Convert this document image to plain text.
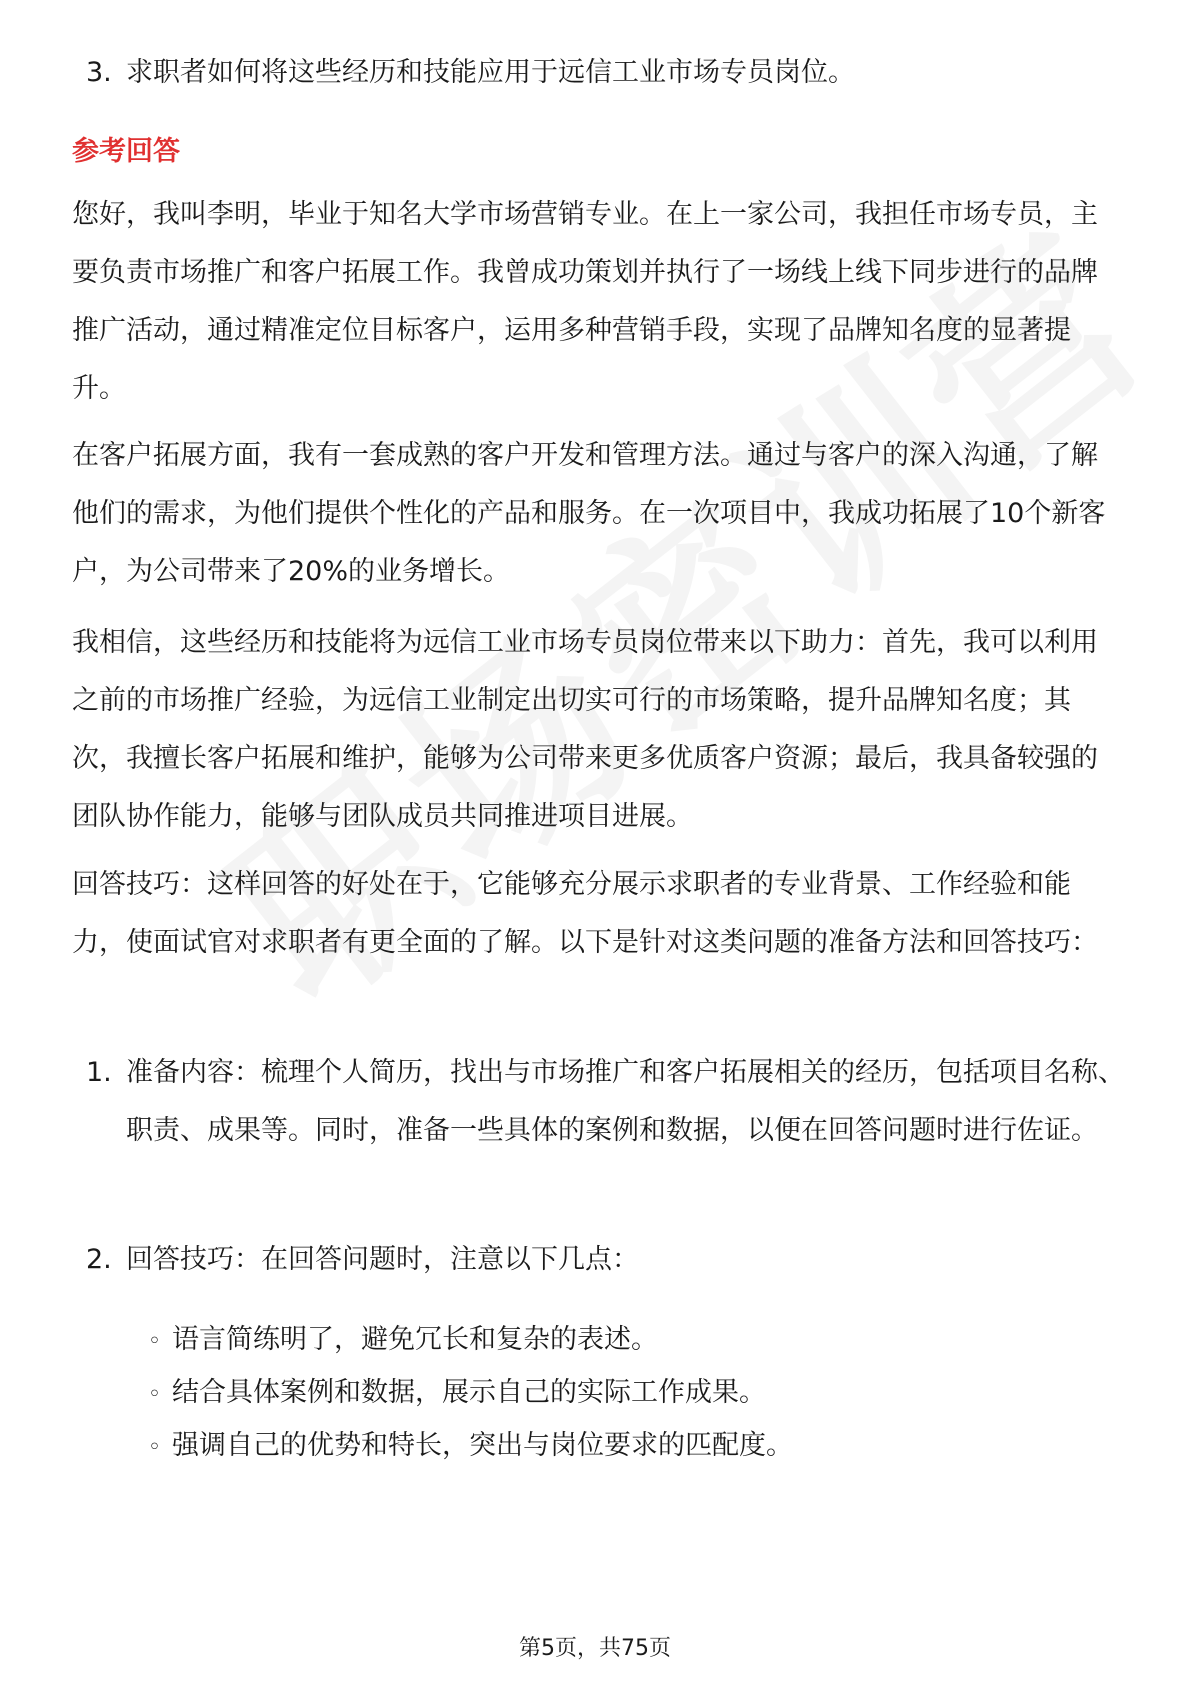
3. 求职者如何将这些经历和技能应用于远信工业市场专员岗位。
参考回答
您好，我叫李明，毕业于知名大学市场营销专业。在上一家公司，我担任市场专员，主要负责市场推广和客户拓展工作。我曾成功策划并执行了一场线上线下同步进行的品牌推广活动，通过精准定位目标客户，运用多种营销手段，实现了品牌知名度的显著提升。
在客户拓展方面，我有一套成熟的客户开发和管理方法。通过与客户的深入沟通，了解他们的需求，为他们提供个性化的产品和服务。在一次项目中，我成功拓展了10个新客户，为公司带来了20%的业务增长。
我相信，这些经历和技能将为远信工业市场专员岗位带来以下助力：首先，我可以利用之前的市场推广经验，为远信工业制定出切实可行的市场策略，提升品牌知名度；其次，我擅长客户拓展和维护，能够为公司带来更多优质客户资源；最后，我具备较强的团队协作能力，能够与团队成员共同推进项目进展。
回答技巧：这样回答的好处在于，它能够充分展示求职者的专业背景、工作经验和能力，使面试官对求职者有更全面的了解。以下是针对这类问题的准备方法和回答技巧：
1. 准备内容：梳理个人简历，找出与市场推广和客户拓展相关的经历，包括项目名称、职责、成果等。同时，准备一些具体的案例和数据，以便在回答问题时进行佐证。
2. 回答技巧：在回答问题时，注意以下几点：
◦ 语言简练明了，避免冗长和复杂的表述。
◦ 结合具体案例和数据，展示自己的实际工作成果。
◦ 强调自己的优势和特长，突出与岗位要求的匹配度。
第5页，共75页
